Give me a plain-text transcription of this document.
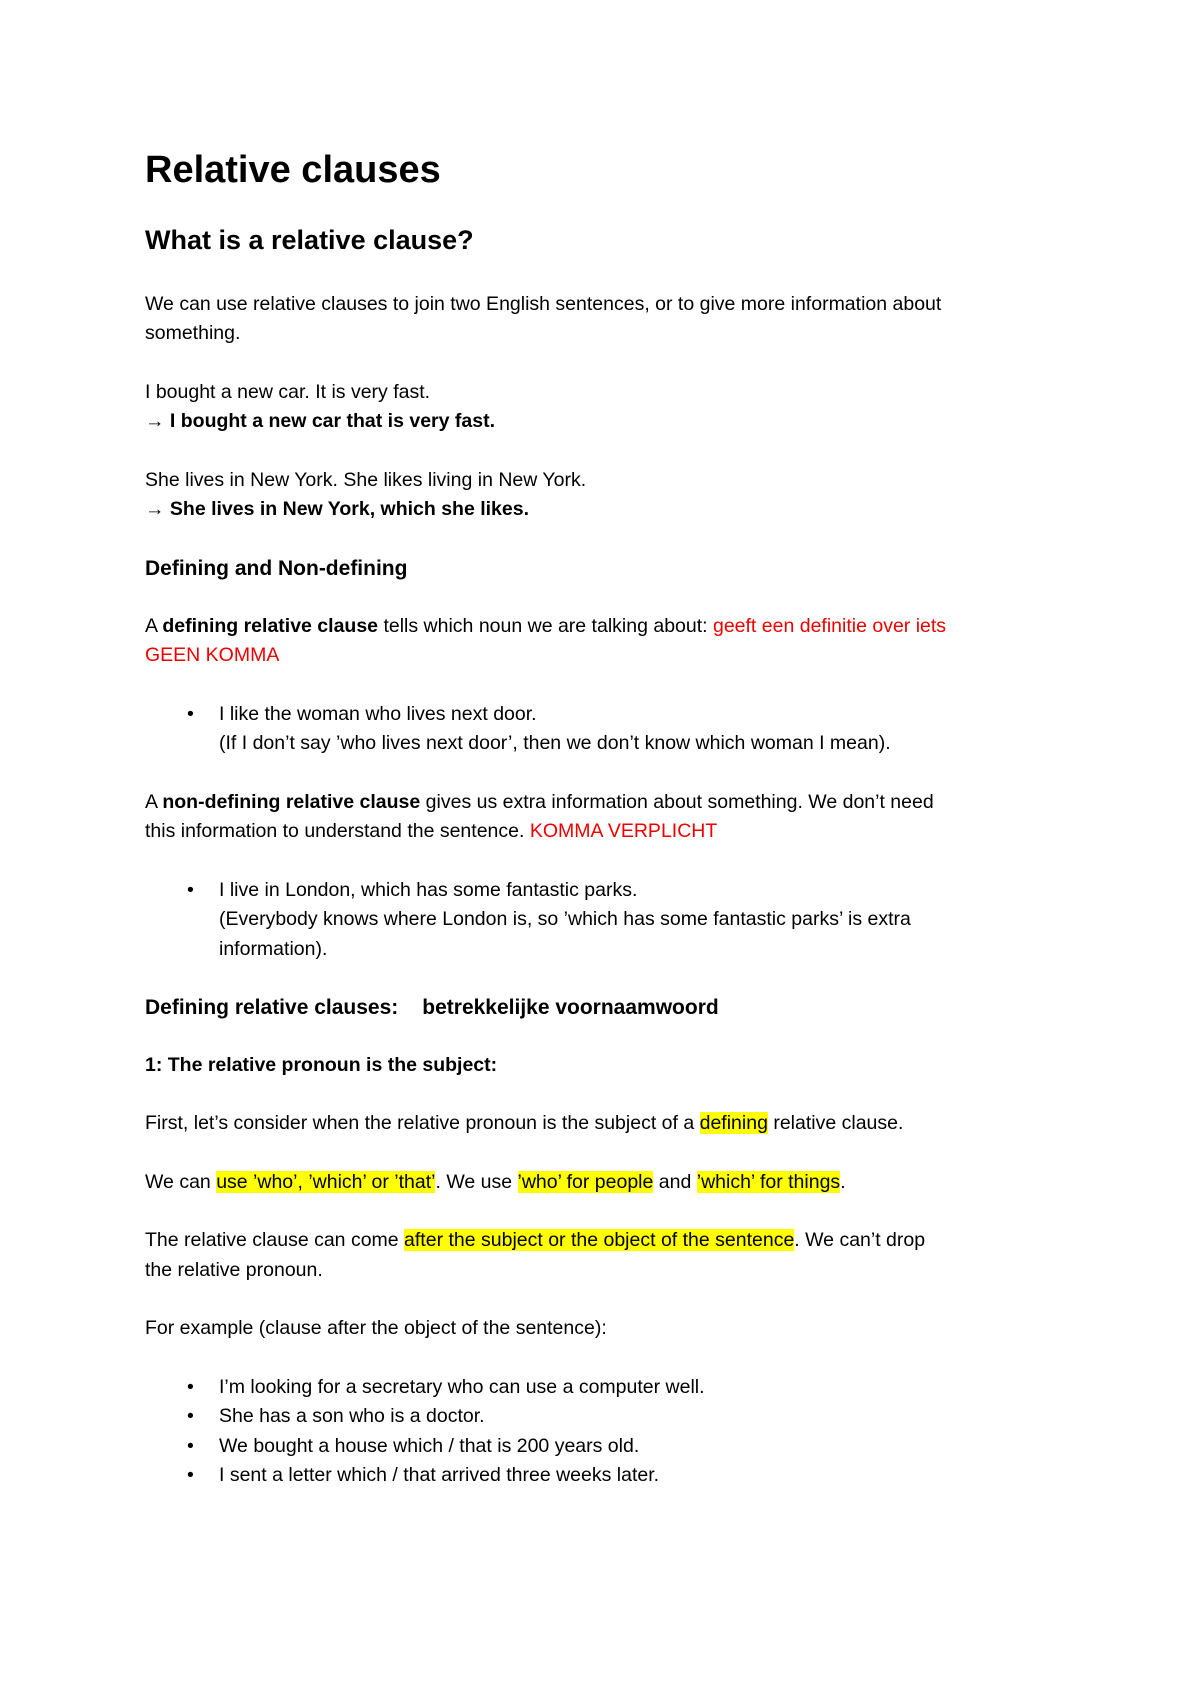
Relative clauses
What is a relative clause?

We can use relative clauses to join two English sentences, or to give more information about
something.

I bought a new car. It is very fast.
→ I bought a new car that is very fast.

She lives in New York. She likes living in New York.
→ She lives in New York, which she likes.

Defining and Non-defining

A defining relative clause tells which noun we are talking about: geeft een definitie over iets
GEEN KOMMA

• I like the woman who lives next door.
(If I don’t say ’who lives next door’, then we don’t know which woman I mean).

A non-defining relative clause gives us extra information about something. We don’t need
this information to understand the sentence. KOMMA VERPLICHT

• I live in London, which has some fantastic parks.
(Everybody knows where London is, so ’which has some fantastic parks’ is extra
information).
Defining relative clauses: betrekkelijke voornaamwoord
1: The relative pronoun is the subject:

First, let’s consider when the relative pronoun is the subject of a defining relative clause.

We can use ’who’, ’which’ or ’that’. We use ’who’ for people and ’which’ for things.

The relative clause can come after the subject or the object of the sentence. We can’t drop
the relative pronoun.

For example (clause after the object of the sentence):

• I’m looking for a secretary who can use a computer well.
• She has a son who is a doctor.
• We bought a house which / that is 200 years old.
• I sent a letter which / that arrived three weeks later.
